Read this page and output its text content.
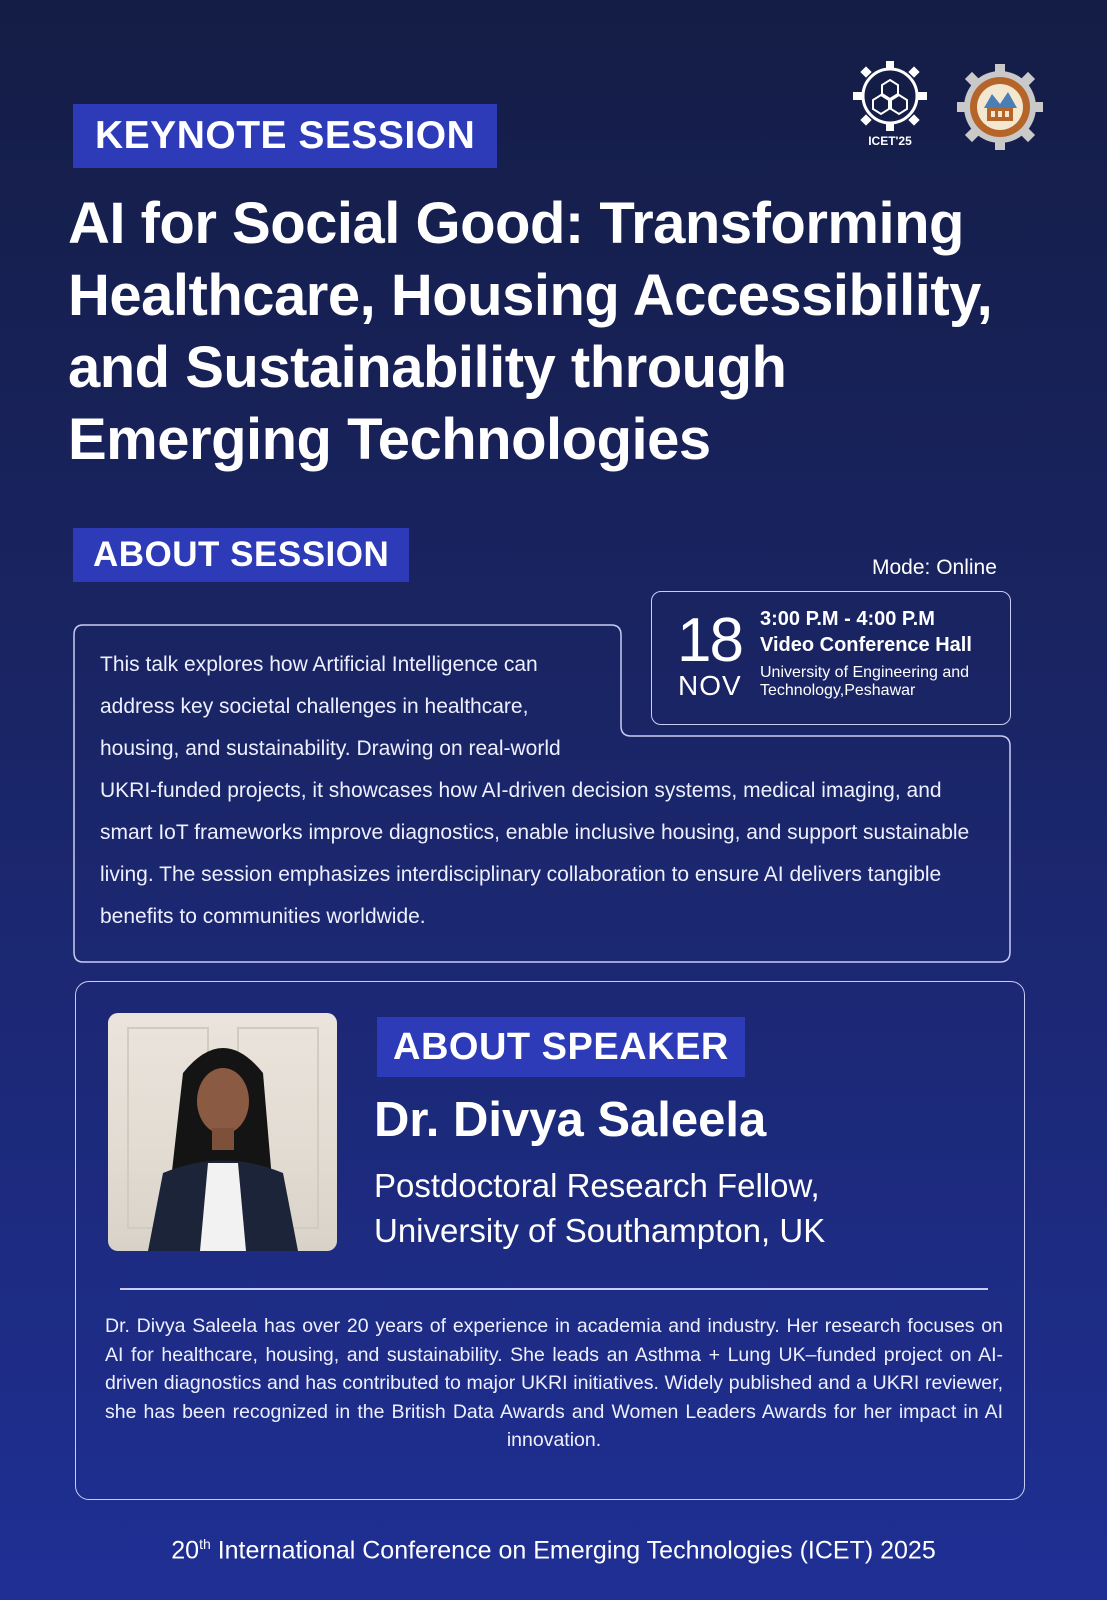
ICET'25
KEYNOTE SESSION
AI for Social Good: Transforming Healthcare, Housing Accessibility, and Sustainability through Emerging Technologies
ABOUT SESSION	Mode: Online
This talk explores how Artificial Intelligence can address key societal challenges in healthcare, housing, and sustainability. Drawing on real-world UKRI-funded projects, it showcases how AI-driven decision systems, medical imaging, and smart IoT frameworks improve diagnostics, enable inclusive housing, and support sustainable living. The session emphasizes interdisciplinary collaboration to ensure AI delivers tangible benefits to communities worldwide.
18
NOV
3:00 P.M - 4:00 P.M
Video Conference Hall
University of Engineering and Technology,Peshawar
ABOUT SPEAKER
Dr. Divya Saleela
Postdoctoral Research Fellow,
University of Southampton, UK
Dr. Divya Saleela has over 20 years of experience in academia and industry. Her research focuses on AI for healthcare, housing, and sustainability. She leads an Asthma + Lung UK–funded project on AI-driven diagnostics and has contributed to major UKRI initiatives. Widely published and a UKRI reviewer, she has been recognized in the British Data Awards and Women Leaders Awards for her impact in AI innovation.
20th International Conference on Emerging Technologies (ICET) 2025
